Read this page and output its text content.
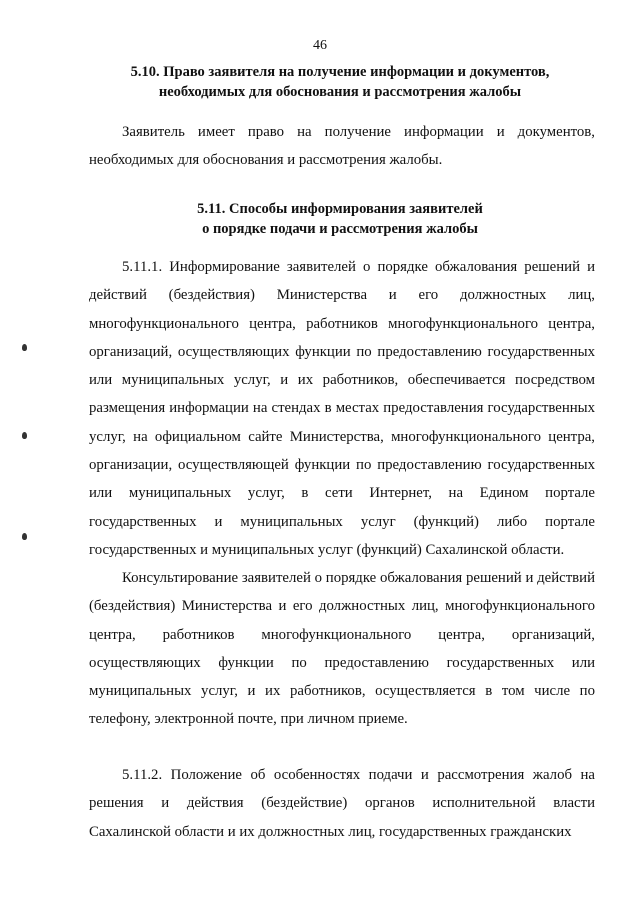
46
5.10. Право заявителя на получение информации и документов,
необходимых для обоснования и рассмотрения жалобы

Заявитель имеет право на получение информации и документов, необходимых для обоснования и рассмотрения жалобы.

5.11. Способы информирования заявителей
о порядке подачи и рассмотрения жалобы

5.11.1. Информирование заявителей о порядке обжалования решений и действий (бездействия) Министерства и его должностных лиц, многофункционального центра, работников многофункционального центра, организаций, осуществляющих функции по предоставлению государственных или муниципальных услуг, и их работников, обеспечивается посредством размещения информации на стендах в местах предоставления государственных услуг, на официальном сайте Министерства, многофункционального центра, организации, осуществляющей функции по предоставлению государственных или муниципальных услуг, в сети Интернет, на Едином портале государственных и муниципальных услуг (функций) либо портале государственных и муниципальных услуг (функций) Сахалинской области.

Консультирование заявителей о порядке обжалования решений и действий (бездействия) Министерства и его должностных лиц, многофункционального центра, работников многофункционального центра, организаций, осуществляющих функции по предоставлению государственных или муниципальных услуг, и их работников, осуществляется в том числе по телефону, электронной почте, при личном приеме.

5.11.2. Положение об особенностях подачи и рассмотрения жалоб на решения и действия (бездействие) органов исполнительной власти Сахалинской области и их должностных лиц, государственных гражданских
